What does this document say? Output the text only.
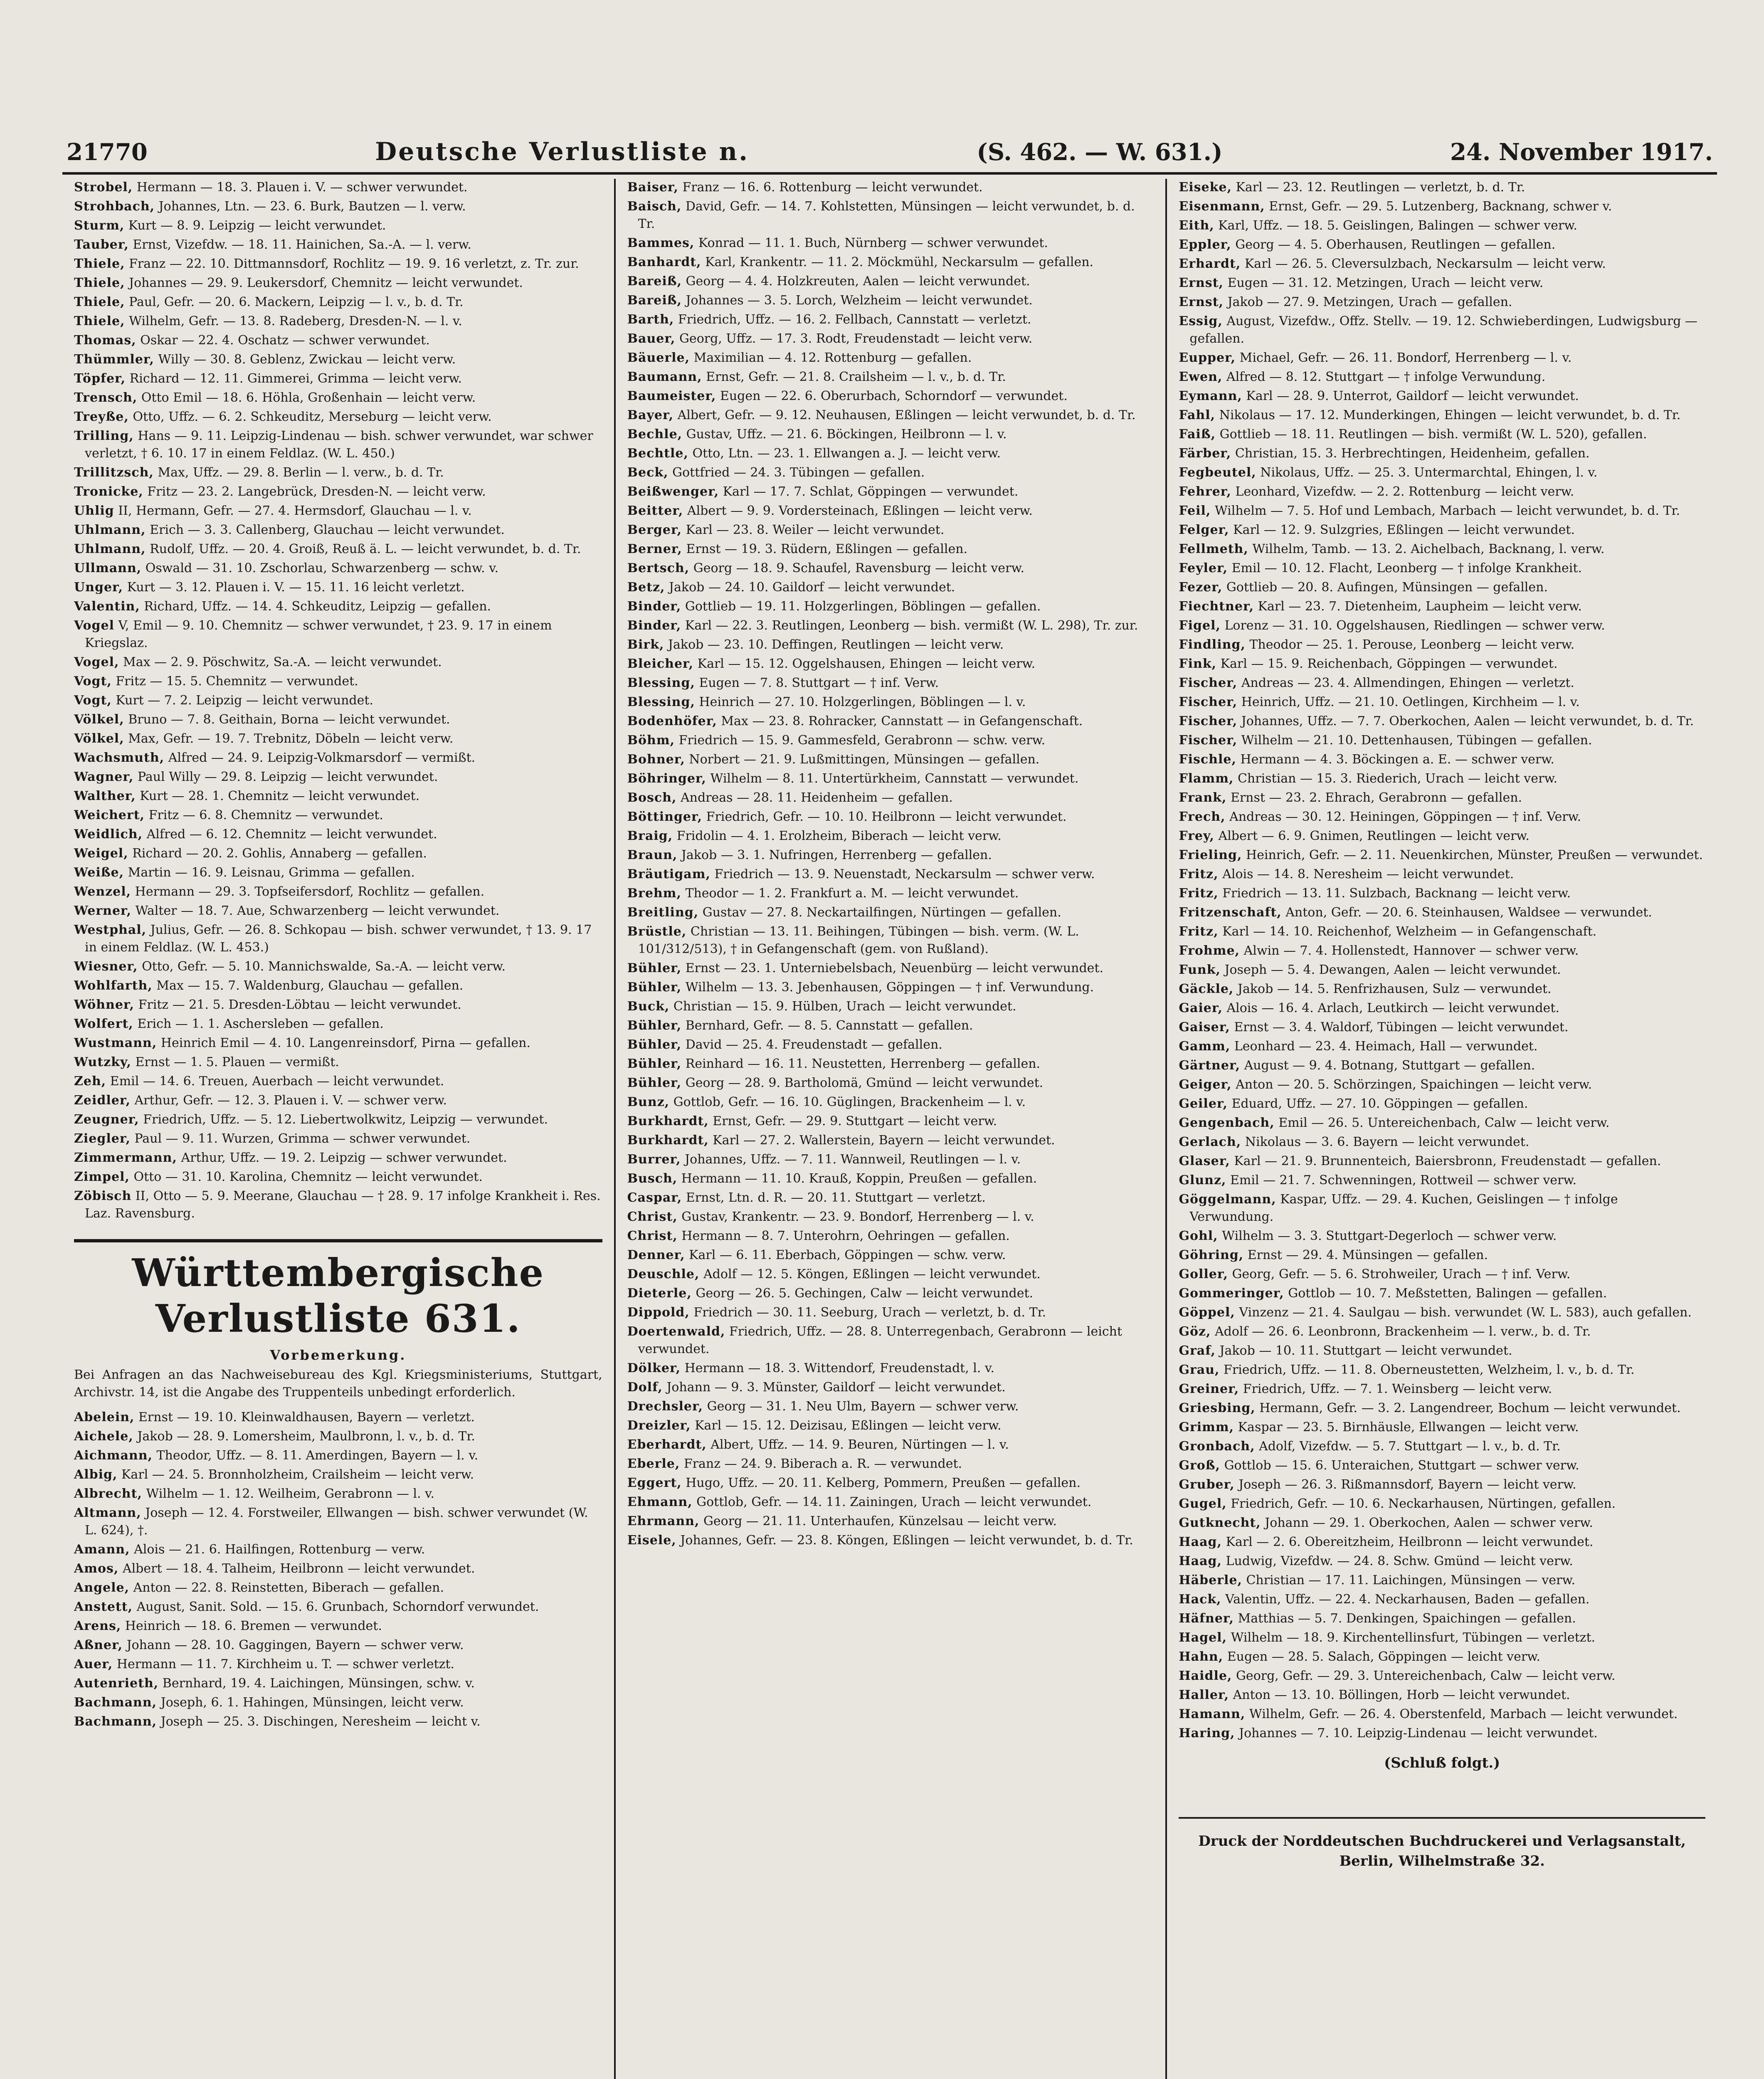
21770	Deutsche Verlustliste n.	(S. 462. — W. 631.)	24. November 1917.
Strobel, Hermann — 18. 3. Plauen i. V. — schwer verwundet.
Strohbach, Johannes, Ltn. — 23. 6. Burk, Bautzen — l. verw.
Sturm, Kurt — 8. 9. Leipzig — leicht verwundet.
Tauber, Ernst, Vizefdw. — 18. 11. Hainichen, Sa.-A. — l. verw.
Thiele, Franz — 22. 10. Dittmannsdorf, Rochlitz — 19. 9. 16 verletzt, z. Tr. zur.
Thiele, Johannes — 29. 9. Leukersdorf, Chemnitz — leicht verwundet.
Thiele, Paul, Gefr. — 20. 6. Mackern, Leipzig — l. v., b. d. Tr.
Thiele, Wilhelm, Gefr. — 13. 8. Radeberg, Dresden-N. — l. v.
Thomas, Oskar — 22. 4. Oschatz — schwer verwundet.
Thümmler, Willy — 30. 8. Geblenz, Zwickau — leicht verw.
Töpfer, Richard — 12. 11. Gimmerei, Grimma — leicht verw.
Trensch, Otto Emil — 18. 6. Höhla, Großenhain — leicht verw.
Treyße, Otto, Uffz. — 6. 2. Schkeuditz, Merseburg — leicht verw.
Trilling, Hans — 9. 11. Leipzig-Lindenau — bish. schwer verwundet, war schwer verletzt, † 6. 10. 17 in einem Feldlaz. (W. L. 450.)
Trillitzsch, Max, Uffz. — 29. 8. Berlin — l. verw., b. d. Tr.
Tronicke, Fritz — 23. 2. Langebrück, Dresden-N. — leicht verw.
Uhlig II, Hermann, Gefr. — 27. 4. Hermsdorf, Glauchau — l. v.
Uhlmann, Erich — 3. 3. Callenberg, Glauchau — leicht verwundet.
Uhlmann, Rudolf, Uffz. — 20. 4. Groiß, Reuß ä. L. — leicht verwundet, b. d. Tr.
Ullmann, Oswald — 31. 10. Zschorlau, Schwarzenberg — schw. v.
Unger, Kurt — 3. 12. Plauen i. V. — 15. 11. 16 leicht verletzt.
Valentin, Richard, Uffz. — 14. 4. Schkeuditz, Leipzig — gefallen.
Vogel V, Emil — 9. 10. Chemnitz — schwer verwundet, † 23. 9. 17 in einem Kriegslaz.
Vogel, Max — 2. 9. Pöschwitz, Sa.-A. — leicht verwundet.
Vogt, Fritz — 15. 5. Chemnitz — verwundet.
Vogt, Kurt — 7. 2. Leipzig — leicht verwundet.
Völkel, Bruno — 7. 8. Geithain, Borna — leicht verwundet.
Völkel, Max, Gefr. — 19. 7. Trebnitz, Döbeln — leicht verw.
Wachsmuth, Alfred — 24. 9. Leipzig-Volkmarsdorf — vermißt.
Wagner, Paul Willy — 29. 8. Leipzig — leicht verwundet.
Walther, Kurt — 28. 1. Chemnitz — leicht verwundet.
Weichert, Fritz — 6. 8. Chemnitz — verwundet.
Weidlich, Alfred — 6. 12. Chemnitz — leicht verwundet.
Weigel, Richard — 20. 2. Gohlis, Annaberg — gefallen.
Weiße, Martin — 16. 9. Leisnau, Grimma — gefallen.
Wenzel, Hermann — 29. 3. Topfseifersdorf, Rochlitz — gefallen.
Werner, Walter — 18. 7. Aue, Schwarzenberg — leicht verwundet.
Westphal, Julius, Gefr. — 26. 8. Schkopau — bish. schwer verwundet, † 13. 9. 17 in einem Feldlaz. (W. L. 453.)
Wiesner, Otto, Gefr. — 5. 10. Mannichswalde, Sa.-A. — leicht verw.
Wohlfarth, Max — 15. 7. Waldenburg, Glauchau — gefallen.
Wöhner, Fritz — 21. 5. Dresden-Löbtau — leicht verwundet.
Wolfert, Erich — 1. 1. Aschersleben — gefallen.
Wustmann, Heinrich Emil — 4. 10. Langenreinsdorf, Pirna — gefallen.
Wutzky, Ernst — 1. 5. Plauen — vermißt.
Zeh, Emil — 14. 6. Treuen, Auerbach — leicht verwundet.
Zeidler, Arthur, Gefr. — 12. 3. Plauen i. V. — schwer verw.
Zeugner, Friedrich, Uffz. — 5. 12. Liebertwolkwitz, Leipzig — verwundet.
Ziegler, Paul — 9. 11. Wurzen, Grimma — schwer verwundet.
Zimmermann, Arthur, Uffz. — 19. 2. Leipzig — schwer verwundet.
Zimpel, Otto — 31. 10. Karolina, Chemnitz — leicht verwundet.
Zöbisch II, Otto — 5. 9. Meerane, Glauchau — † 28. 9. 17 infolge Krankheit i. Res. Laz. Ravensburg.
Württembergische Verlustliste 631.
Vorbemerkung.
Bei Anfragen an das Nachweisebureau des Kgl. Kriegsministeriums, Stuttgart, Archivstr. 14, ist die Angabe des Truppenteils unbedingt erforderlich.
Abelein, Ernst — 19. 10. Kleinwaldhausen, Bayern — verletzt.
Aichele, Jakob — 28. 9. Lomersheim, Maulbronn, l. v., b. d. Tr.
Aichmann, Theodor, Uffz. — 8. 11. Amerdingen, Bayern — l. v.
Albig, Karl — 24. 5. Bronnholzheim, Crailsheim — leicht verw.
Albrecht, Wilhelm — 1. 12. Weilheim, Gerabronn — l. v.
Altmann, Joseph — 12. 4. Forstweiler, Ellwangen — bish. schwer verwundet (W. L. 624), †.
Amann, Alois — 21. 6. Hailfingen, Rottenburg — verw.
Amos, Albert — 18. 4. Talheim, Heilbronn — leicht verwundet.
Angele, Anton — 22. 8. Reinstetten, Biberach — gefallen.
Anstett, August, Sanit. Sold. — 15. 6. Grunbach, Schorndorf verwundet.
Arens, Heinrich — 18. 6. Bremen — verwundet.
Aßner, Johann — 28. 10. Gaggingen, Bayern — schwer verw.
Auer, Hermann — 11. 7. Kirchheim u. T. — schwer verletzt.
Autenrieth, Bernhard, 19. 4. Laichingen, Münsingen, schw. v.
Bachmann, Joseph, 6. 1. Hahingen, Münsingen, leicht verw.
Bachmann, Joseph — 25. 3. Dischingen, Neresheim — leicht v.
Baiser, Franz — 16. 6. Rottenburg — leicht verwundet.
Baisch, David, Gefr. — 14. 7. Kohlstetten, Münsingen — leicht verwundet, b. d. Tr.
Bammes, Konrad — 11. 1. Buch, Nürnberg — schwer verwundet.
Banhardt, Karl, Krankentr. — 11. 2. Möckmühl, Neckarsulm — gefallen.
Bareiß, Georg — 4. 4. Holzkreuten, Aalen — leicht verwundet.
Bareiß, Johannes — 3. 5. Lorch, Welzheim — leicht verwundet.
Barth, Friedrich, Uffz. — 16. 2. Fellbach, Cannstatt — verletzt.
Bauer, Georg, Uffz. — 17. 3. Rodt, Freudenstadt — leicht verw.
Bäuerle, Maximilian — 4. 12. Rottenburg — gefallen.
Baumann, Ernst, Gefr. — 21. 8. Crailsheim — l. v., b. d. Tr.
Baumeister, Eugen — 22. 6. Oberurbach, Schorndorf — verwundet.
Bayer, Albert, Gefr. — 9. 12. Neuhausen, Eßlingen — leicht verwundet, b. d. Tr.
Bechle, Gustav, Uffz. — 21. 6. Böckingen, Heilbronn — l. v.
Bechtle, Otto, Ltn. — 23. 1. Ellwangen a. J. — leicht verw.
Beck, Gottfried — 24. 3. Tübingen — gefallen.
Beißwenger, Karl — 17. 7. Schlat, Göppingen — verwundet.
Beitter, Albert — 9. 9. Vordersteinach, Eßlingen — leicht verw.
Berger, Karl — 23. 8. Weiler — leicht verwundet.
Berner, Ernst — 19. 3. Rüdern, Eßlingen — gefallen.
Bertsch, Georg — 18. 9. Schaufel, Ravensburg — leicht verw.
Betz, Jakob — 24. 10. Gaildorf — leicht verwundet.
Binder, Gottlieb — 19. 11. Holzgerlingen, Böblingen — gefallen.
Binder, Karl — 22. 3. Reutlingen, Leonberg — bish. vermißt (W. L. 298), Tr. zur.
Birk, Jakob — 23. 10. Deffingen, Reutlingen — leicht verw.
Bleicher, Karl — 15. 12. Oggelshausen, Ehingen — leicht verw.
Blessing, Eugen — 7. 8. Stuttgart — † inf. Verw.
Blessing, Heinrich — 27. 10. Holzgerlingen, Böblingen — l. v.
Bodenhöfer, Max — 23. 8. Rohracker, Cannstatt — in Gefangenschaft.
Böhm, Friedrich — 15. 9. Gammesfeld, Gerabronn — schw. verw.
Bohner, Norbert — 21. 9. Lußmittingen, Münsingen — gefallen.
Böhringer, Wilhelm — 8. 11. Untertürkheim, Cannstatt — verwundet.
Bosch, Andreas — 28. 11. Heidenheim — gefallen.
Böttinger, Friedrich, Gefr. — 10. 10. Heilbronn — leicht verwundet.
Braig, Fridolin — 4. 1. Erolzheim, Biberach — leicht verw.
Braun, Jakob — 3. 1. Nufringen, Herrenberg — gefallen.
Bräutigam, Friedrich — 13. 9. Neuenstadt, Neckarsulm — schwer verw.
Brehm, Theodor — 1. 2. Frankfurt a. M. — leicht verwundet.
Breitling, Gustav — 27. 8. Neckartailfingen, Nürtingen — gefallen.
Brüstle, Christian — 13. 11. Beihingen, Tübingen — bish. verm. (W. L. 101/312/513), † in Gefangenschaft (gem. von Rußland).
Bühler, Ernst — 23. 1. Unterniebelsbach, Neuenbürg — leicht verwundet.
Bühler, Wilhelm — 13. 3. Jebenhausen, Göppingen — † inf. Verwundung.
Buck, Christian — 15. 9. Hülben, Urach — leicht verwundet.
Bühler, Bernhard, Gefr. — 8. 5. Cannstatt — gefallen.
Bühler, David — 25. 4. Freudenstadt — gefallen.
Bühler, Reinhard — 16. 11. Neustetten, Herrenberg — gefallen.
Bühler, Georg — 28. 9. Bartholomä, Gmünd — leicht verwundet.
Bunz, Gottlob, Gefr. — 16. 10. Güglingen, Brackenheim — l. v.
Burkhardt, Ernst, Gefr. — 29. 9. Stuttgart — leicht verw.
Burkhardt, Karl — 27. 2. Wallerstein, Bayern — leicht verwundet.
Burrer, Johannes, Uffz. — 7. 11. Wannweil, Reutlingen — l. v.
Busch, Hermann — 11. 10. Krauß, Koppin, Preußen — gefallen.
Caspar, Ernst, Ltn. d. R. — 20. 11. Stuttgart — verletzt.
Christ, Gustav, Krankentr. — 23. 9. Bondorf, Herrenberg — l. v.
Christ, Hermann — 8. 7. Unterohrn, Oehringen — gefallen.
Denner, Karl — 6. 11. Eberbach, Göppingen — schw. verw.
Deuschle, Adolf — 12. 5. Köngen, Eßlingen — leicht verwundet.
Dieterle, Georg — 26. 5. Gechingen, Calw — leicht verwundet.
Dippold, Friedrich — 30. 11. Seeburg, Urach — verletzt, b. d. Tr.
Doertenwald, Friedrich, Uffz. — 28. 8. Unterregenbach, Gerabronn — leicht verwundet.
Dölker, Hermann — 18. 3. Wittendorf, Freudenstadt, l. v.
Dolf, Johann — 9. 3. Münster, Gaildorf — leicht verwundet.
Drechsler, Georg — 31. 1. Neu Ulm, Bayern — schwer verw.
Dreizler, Karl — 15. 12. Deizisau, Eßlingen — leicht verw.
Eberhardt, Albert, Uffz. — 14. 9. Beuren, Nürtingen — l. v.
Eberle, Franz — 24. 9. Biberach a. R. — verwundet.
Eggert, Hugo, Uffz. — 20. 11. Kelberg, Pommern, Preußen — gefallen.
Ehmann, Gottlob, Gefr. — 14. 11. Zainingen, Urach — leicht verwundet.
Ehrmann, Georg — 21. 11. Unterhaufen, Künzelsau — leicht verw.
Eisele, Johannes, Gefr. — 23. 8. Köngen, Eßlingen — leicht verwundet, b. d. Tr.
Eiseke, Karl — 23. 12. Reutlingen — verletzt, b. d. Tr.
Eisenmann, Ernst, Gefr. — 29. 5. Lutzenberg, Backnang, schwer v.
Eith, Karl, Uffz. — 18. 5. Geislingen, Balingen — schwer verw.
Eppler, Georg — 4. 5. Oberhausen, Reutlingen — gefallen.
Erhardt, Karl — 26. 5. Cleversulzbach, Neckarsulm — leicht verw.
Ernst, Eugen — 31. 12. Metzingen, Urach — leicht verw.
Ernst, Jakob — 27. 9. Metzingen, Urach — gefallen.
Essig, August, Vizefdw., Offz. Stellv. — 19. 12. Schwieberdingen, Ludwigsburg — gefallen.
Eupper, Michael, Gefr. — 26. 11. Bondorf, Herrenberg — l. v.
Ewen, Alfred — 8. 12. Stuttgart — † infolge Verwundung.
Eymann, Karl — 28. 9. Unterrot, Gaildorf — leicht verwundet.
Fahl, Nikolaus — 17. 12. Munderkingen, Ehingen — leicht verwundet, b. d. Tr.
Faiß, Gottlieb — 18. 11. Reutlingen — bish. vermißt (W. L. 520), gefallen.
Färber, Christian, 15. 3. Herbrechtingen, Heidenheim, gefallen.
Fegbeutel, Nikolaus, Uffz. — 25. 3. Untermarchtal, Ehingen, l. v.
Fehrer, Leonhard, Vizefdw. — 2. 2. Rottenburg — leicht verw.
Feil, Wilhelm — 7. 5. Hof und Lembach, Marbach — leicht verwundet, b. d. Tr.
Felger, Karl — 12. 9. Sulzgries, Eßlingen — leicht verwundet.
Fellmeth, Wilhelm, Tamb. — 13. 2. Aichelbach, Backnang, l. verw.
Feyler, Emil — 10. 12. Flacht, Leonberg — † infolge Krankheit.
Fezer, Gottlieb — 20. 8. Aufingen, Münsingen — gefallen.
Fiechtner, Karl — 23. 7. Dietenheim, Laupheim — leicht verw.
Figel, Lorenz — 31. 10. Oggelshausen, Riedlingen — schwer verw.
Findling, Theodor — 25. 1. Perouse, Leonberg — leicht verw.
Fink, Karl — 15. 9. Reichenbach, Göppingen — verwundet.
Fischer, Andreas — 23. 4. Allmendingen, Ehingen — verletzt.
Fischer, Heinrich, Uffz. — 21. 10. Oetlingen, Kirchheim — l. v.
Fischer, Johannes, Uffz. — 7. 7. Oberkochen, Aalen — leicht verwundet, b. d. Tr.
Fischer, Wilhelm — 21. 10. Dettenhausen, Tübingen — gefallen.
Fischle, Hermann — 4. 3. Böckingen a. E. — schwer verw.
Flamm, Christian — 15. 3. Riederich, Urach — leicht verw.
Frank, Ernst — 23. 2. Ehrach, Gerabronn — gefallen.
Frech, Andreas — 30. 12. Heiningen, Göppingen — † inf. Verw.
Frey, Albert — 6. 9. Gnimen, Reutlingen — leicht verw.
Frieling, Heinrich, Gefr. — 2. 11. Neuenkirchen, Münster, Preußen — verwundet.
Fritz, Alois — 14. 8. Neresheim — leicht verwundet.
Fritz, Friedrich — 13. 11. Sulzbach, Backnang — leicht verw.
Fritzenschaft, Anton, Gefr. — 20. 6. Steinhausen, Waldsee — verwundet.
Fritz, Karl — 14. 10. Reichenhof, Welzheim — in Gefangenschaft.
Frohme, Alwin — 7. 4. Hollenstedt, Hannover — schwer verw.
Funk, Joseph — 5. 4. Dewangen, Aalen — leicht verwundet.
Gäckle, Jakob — 14. 5. Renfrizhausen, Sulz — verwundet.
Gaier, Alois — 16. 4. Arlach, Leutkirch — leicht verwundet.
Gaiser, Ernst — 3. 4. Waldorf, Tübingen — leicht verwundet.
Gamm, Leonhard — 23. 4. Heimach, Hall — verwundet.
Gärtner, August — 9. 4. Botnang, Stuttgart — gefallen.
Geiger, Anton — 20. 5. Schörzingen, Spaichingen — leicht verw.
Geiler, Eduard, Uffz. — 27. 10. Göppingen — gefallen.
Gengenbach, Emil — 26. 5. Untereichenbach, Calw — leicht verw.
Gerlach, Nikolaus — 3. 6. Bayern — leicht verwundet.
Glaser, Karl — 21. 9. Brunnenteich, Baiersbronn, Freudenstadt — gefallen.
Glunz, Emil — 21. 7. Schwenningen, Rottweil — schwer verw.
Göggelmann, Kaspar, Uffz. — 29. 4. Kuchen, Geislingen — † infolge Verwundung.
Gohl, Wilhelm — 3. 3. Stuttgart-Degerloch — schwer verw.
Göhring, Ernst — 29. 4. Münsingen — gefallen.
Goller, Georg, Gefr. — 5. 6. Strohweiler, Urach — † inf. Verw.
Gommeringer, Gottlob — 10. 7. Meßstetten, Balingen — gefallen.
Göppel, Vinzenz — 21. 4. Saulgau — bish. verwundet (W. L. 583), auch gefallen.
Göz, Adolf — 26. 6. Leonbronn, Brackenheim — l. verw., b. d. Tr.
Graf, Jakob — 10. 11. Stuttgart — leicht verwundet.
Grau, Friedrich, Uffz. — 11. 8. Oberneustetten, Welzheim, l. v., b. d. Tr.
Greiner, Friedrich, Uffz. — 7. 1. Weinsberg — leicht verw.
Griesbing, Hermann, Gefr. — 3. 2. Langendreer, Bochum — leicht verwundet.
Grimm, Kaspar — 23. 5. Birnhäusle, Ellwangen — leicht verw.
Gronbach, Adolf, Vizefdw. — 5. 7. Stuttgart — l. v., b. d. Tr.
Groß, Gottlob — 15. 6. Unteraichen, Stuttgart — schwer verw.
Gruber, Joseph — 26. 3. Rißmannsdorf, Bayern — leicht verw.
Gugel, Friedrich, Gefr. — 10. 6. Neckarhausen, Nürtingen, gefallen.
Gutknecht, Johann — 29. 1. Oberkochen, Aalen — schwer verw.
Haag, Karl — 2. 6. Obereitzheim, Heilbronn — leicht verwundet.
Haag, Ludwig, Vizefdw. — 24. 8. Schw. Gmünd — leicht verw.
Häberle, Christian — 17. 11. Laichingen, Münsingen — verw.
Hack, Valentin, Uffz. — 22. 4. Neckarhausen, Baden — gefallen.
Häfner, Matthias — 5. 7. Denkingen, Spaichingen — gefallen.
Hagel, Wilhelm — 18. 9. Kirchentellinsfurt, Tübingen — verletzt.
Hahn, Eugen — 28. 5. Salach, Göppingen — leicht verw.
Haidle, Georg, Gefr. — 29. 3. Untereichenbach, Calw — leicht verw.
Haller, Anton — 13. 10. Böllingen, Horb — leicht verwundet.
Hamann, Wilhelm, Gefr. — 26. 4. Oberstenfeld, Marbach — leicht verwundet.
Haring, Johannes — 7. 10. Leipzig-Lindenau — leicht verwundet.
(Schluß folgt.)
Druck der Norddeutschen Buchdruckerei und Verlagsanstalt, Berlin, Wilhelmstraße 32.
